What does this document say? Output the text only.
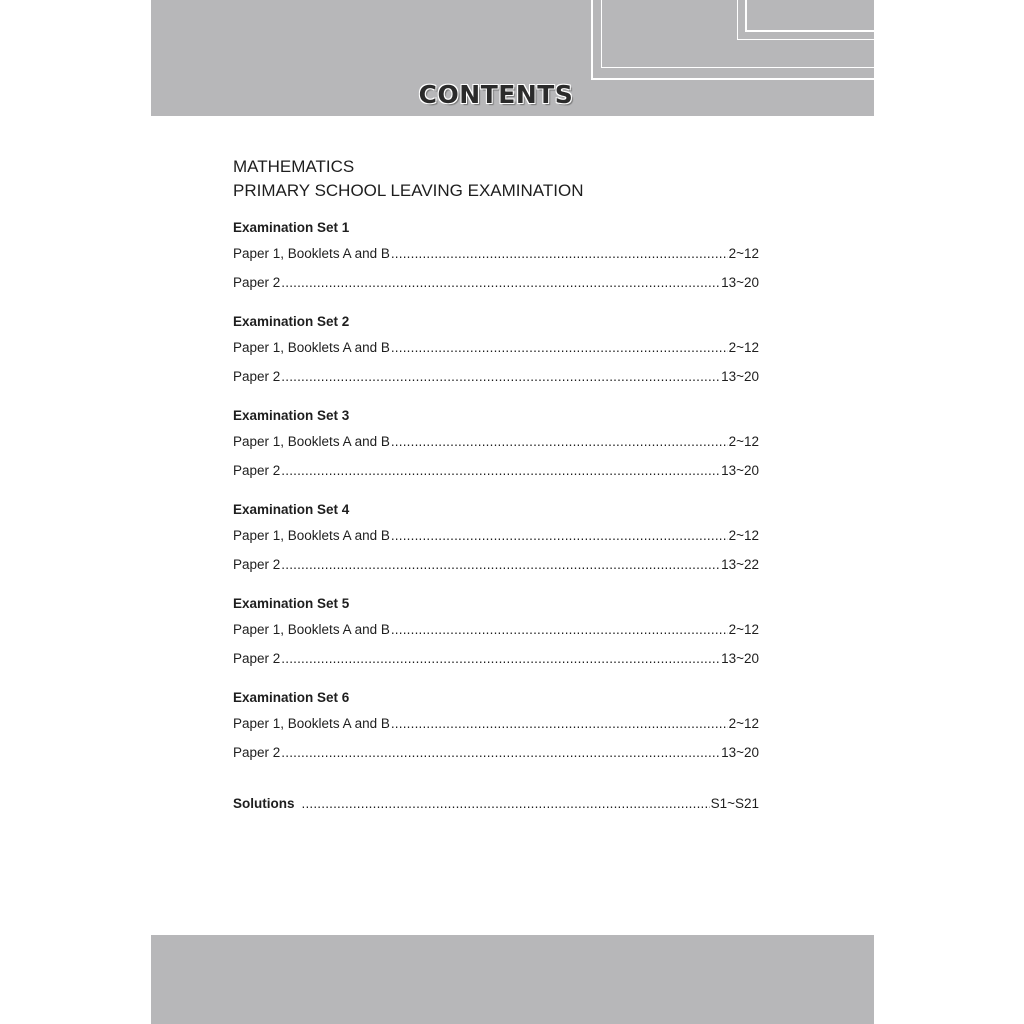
CONTENTS
MATHEMATICS
PRIMARY SCHOOL LEAVING EXAMINATION
Examination Set 1
Paper 1, Booklets A and B .....	2~12
Paper 2 .....	13~20
Examination Set 2
Paper 1, Booklets A and B .....	2~12
Paper 2 .....	13~20
Examination Set 3
Paper 1, Booklets A and B .....	2~12
Paper 2 .....	13~20
Examination Set 4
Paper 1, Booklets A and B .....	2~12
Paper 2 .....	13~22
Examination Set 5
Paper 1, Booklets A and B .....	2~12
Paper 2 .....	13~20
Examination Set 6
Paper 1, Booklets A and B .....	2~12
Paper 2 .....	13~20
Solutions .....	S1~S21
